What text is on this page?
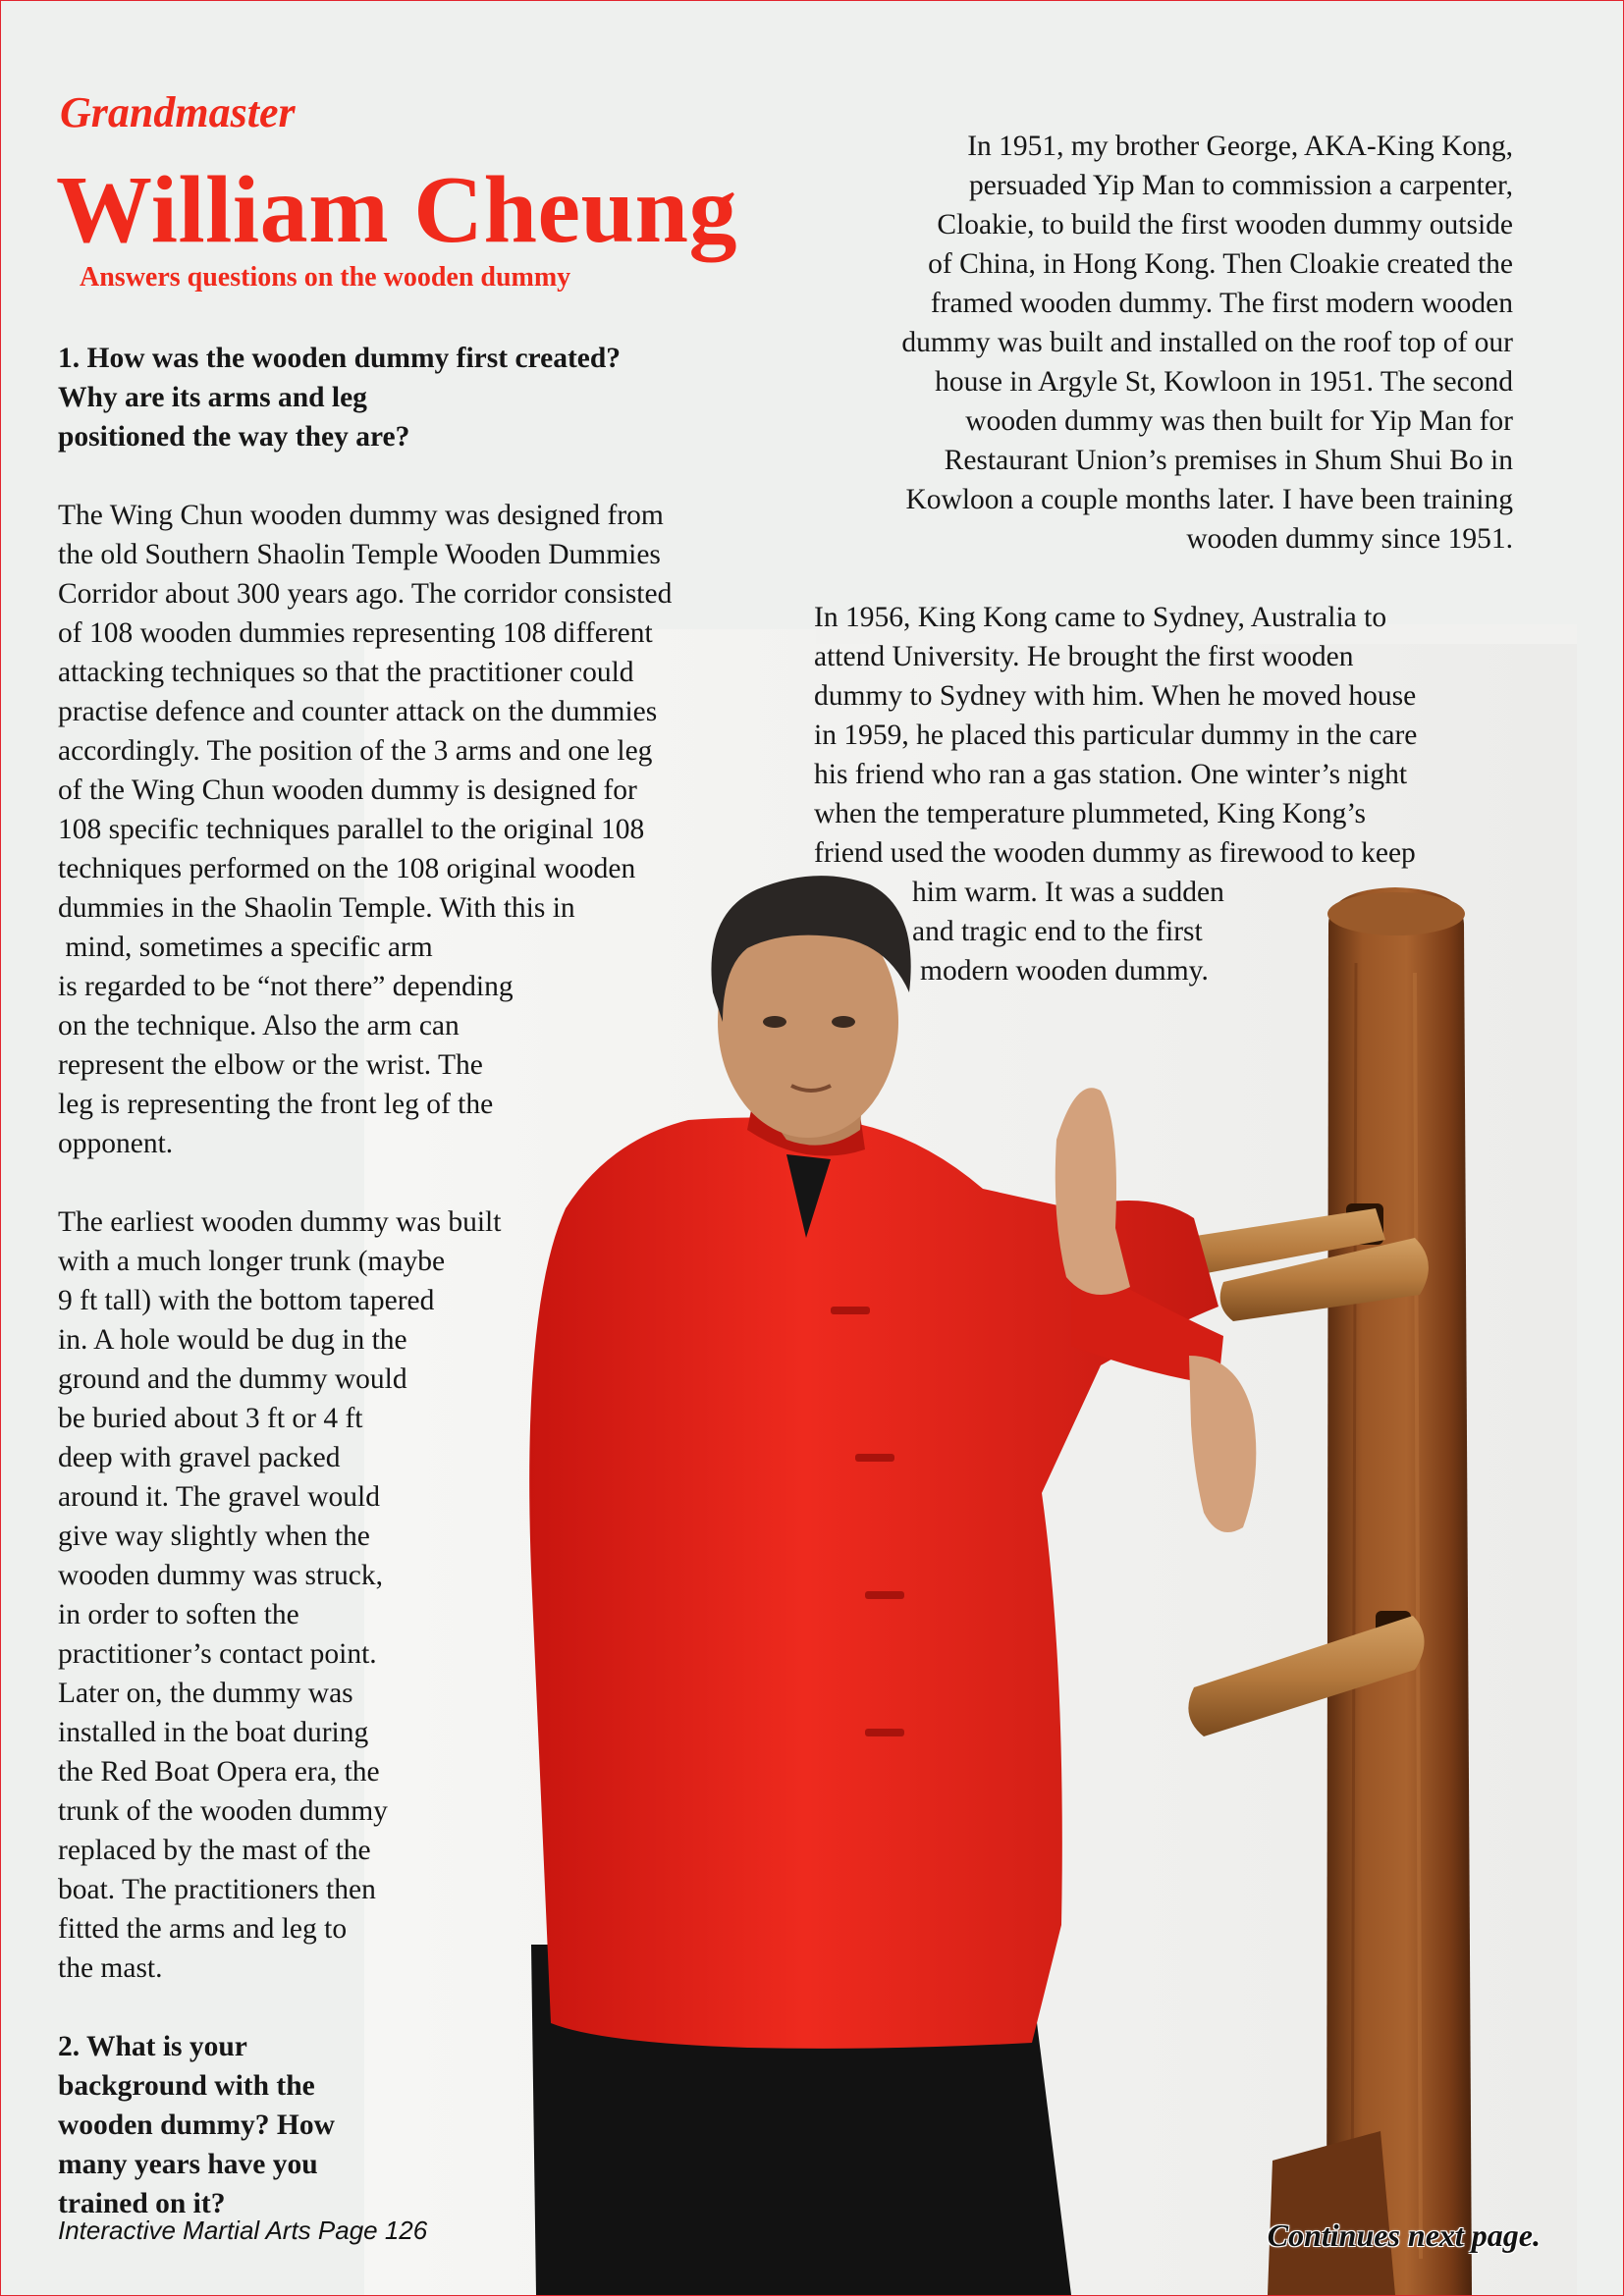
Grandmaster
William Cheung
Answers questions on the wooden dummy
1. How was the wooden dummy first created?
Why are its arms and leg
positioned the way they are?
The Wing Chun wooden dummy was designed from
the old Southern Shaolin Temple Wooden Dummies
Corridor about 300 years ago. The corridor consisted
of 108 wooden dummies representing 108 different
attacking techniques so that the practitioner could
practise defence and counter attack on the dummies
accordingly. The position of the 3 arms and one leg
of the Wing Chun wooden dummy is designed for
108 specific techniques parallel to the original 108
techniques performed on the 108 original wooden
dummies in the Shaolin Temple. With this in
mind, sometimes a specific arm
is regarded to be “not there” depending
on the technique. Also the arm can
represent the elbow or the wrist. The
leg is representing the front leg of the
opponent.
The earliest wooden dummy was built
with a much longer trunk (maybe
9 ft tall) with the bottom tapered
in. A hole would be dug in the
ground and the dummy would
be buried about 3 ft or 4 ft
deep with gravel packed
around it. The gravel would
give way slightly when the
wooden dummy was struck,
in order to soften the
practitioner’s contact point.
Later on, the dummy was
installed in the boat during
the Red Boat Opera era, the
trunk of the wooden dummy
replaced by the mast of the
boat. The practitioners then
fitted the arms and leg to
the mast.
2. What is your
background with the
wooden dummy? How
many years have you
trained on it?
In 1951, my brother George, AKA-King Kong,
persuaded Yip Man to commission a carpenter,
Cloakie, to build the first wooden dummy outside
of China, in Hong Kong. Then Cloakie created the
framed wooden dummy. The first modern wooden
dummy was built and installed on the roof top of our
house in Argyle St, Kowloon in 1951. The second
wooden dummy was then built for Yip Man for
Restaurant Union’s premises in Shum Shui Bo in
Kowloon a couple months later. I have been training
wooden dummy since 1951.
In 1956, King Kong came to Sydney, Australia to
attend University. He brought the first wooden
dummy to Sydney with him. When he moved house
in 1959, he placed this particular dummy in the care
his friend who ran a gas station. One winter’s night
when the temperature plummeted, King Kong’s
friend used the wooden dummy as firewood to keep
him warm. It was a sudden
and tragic end to the first
modern wooden dummy.
Interactive Martial Arts Page 126	Continues next page.
